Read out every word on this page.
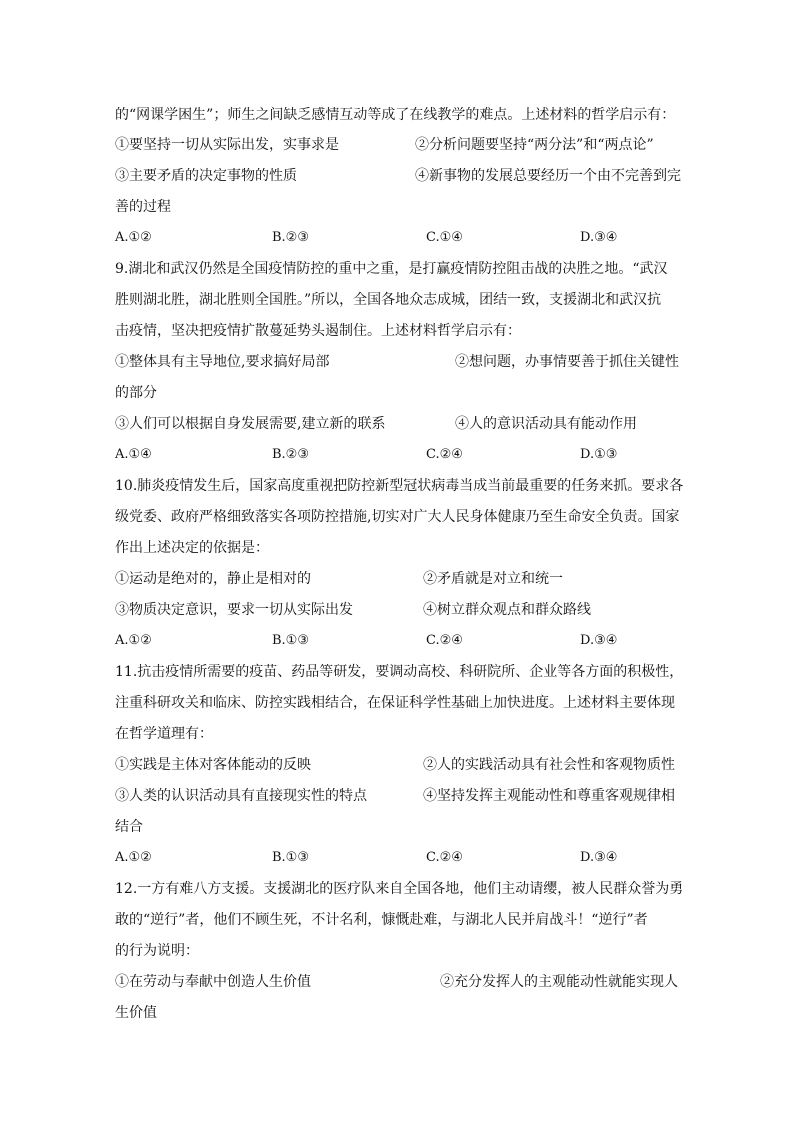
的“网课学困生”；师生之间缺乏感情互动等成了在线教学的难点。上述材料的哲学启示有：
①要坚持一切从实际出发，实事求是	②分析问题要坚持“两分法”和“两点论”
③主要矛盾的决定事物的性质	④新事物的发展总要经历一个由不完善到完
善的过程
A.①②	B.②③	C.①④	D.③④
9.湖北和武汉仍然是全国疫情防控的重中之重，是打赢疫情防控阻击战的决胜之地。“武汉
胜则湖北胜，湖北胜则全国胜。”所以，全国各地众志成城，团结一致，支援湖北和武汉抗
击疫情，坚决把疫情扩散蔓延势头遏制住。上述材料哲学启示有：
①整体具有主导地位,要求搞好局部	②想问题，办事情要善于抓住关键性
的部分
③人们可以根据自身发展需要,建立新的联系	④人的意识活动具有能动作用
A.①④	B.②③	C.②④	D.①③
10.肺炎疫情发生后，国家高度重视把防控新型冠状病毒当成当前最重要的任务来抓。要求各
级党委、政府严格细致落实各项防控措施,切实对广大人民身体健康乃至生命安全负责。国家
作出上述决定的依据是：
①运动是绝对的，静止是相对的	②矛盾就是对立和统一
③物质决定意识，要求一切从实际出发	④树立群众观点和群众路线
A.①②	B.①③	C.②④	D.③④
11.抗击疫情所需要的疫苗、药品等研发，要调动高校、科研院所、企业等各方面的积极性，
注重科研攻关和临床、防控实践相结合，在保证科学性基础上加快进度。上述材料主要体现
在哲学道理有：
①实践是主体对客体能动的反映	②人的实践活动具有社会性和客观物质性
③人类的认识活动具有直接现实性的特点	④坚持发挥主观能动性和尊重客观规律相
结合
A.①②	B.①③	C.②④	D.③④
12.一方有难八方支援。支援湖北的医疗队来自全国各地，他们主动请缨，被人民群众誉为勇
敢的“逆行”者，他们不顾生死，不计名利，慷慨赴难，与湖北人民并肩战斗！“逆行”者
的行为说明：
①在劳动与奉献中创造人生价值	②充分发挥人的主观能动性就能实现人
生价值
